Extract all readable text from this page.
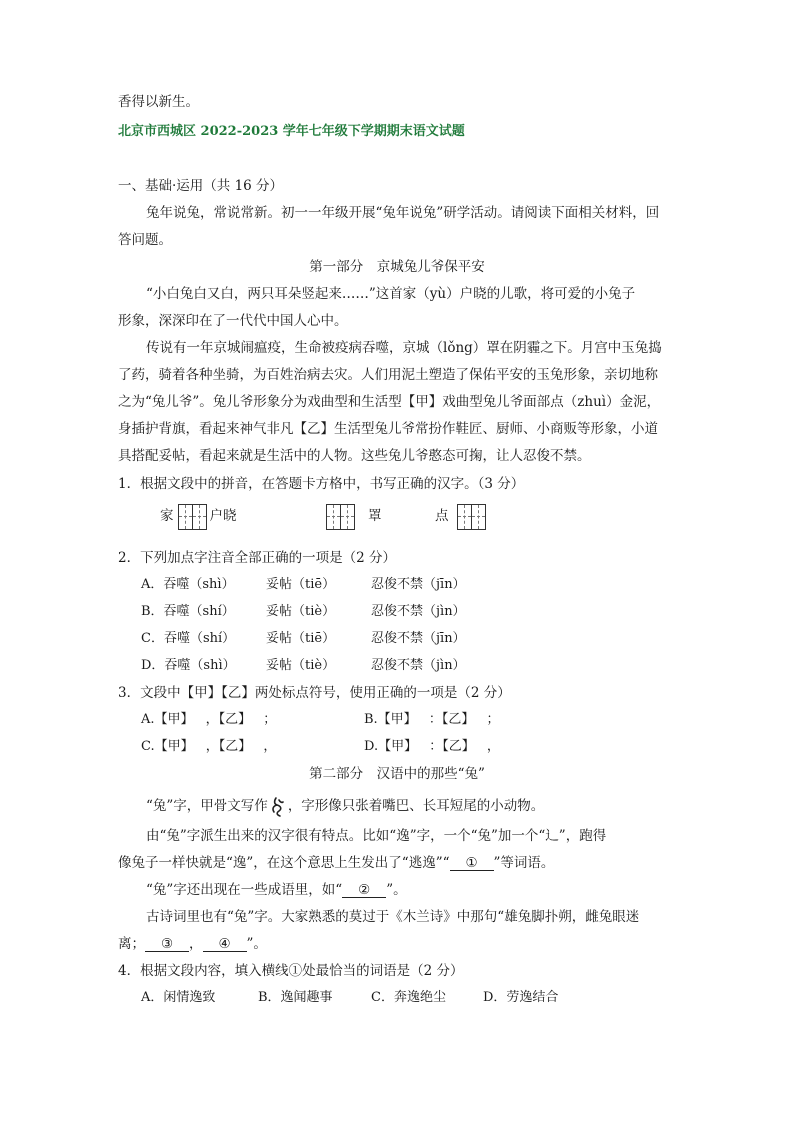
香得以新生。
北京市西城区 2022-2023 学年七年级下学期期末语文试题
一、基础·运用（共 16 分）
兔年说兔，常说常新。初一一年级开展“兔年说兔”研学活动。请阅读下面相关材料，回
答问题。
第一部分　京城兔儿爷保平安
“小白兔白又白，两只耳朵竖起来……”这首家（yù）户晓的儿歌，将可爱的小兔子
形象，深深印在了一代代中国人心中。
传说有一年京城闹瘟疫，生命被疫病吞噬，京城（lǒng）罩在阴霾之下。月宫中玉兔捣
了药，骑着各种坐骑，为百姓治病去灾。人们用泥土塑造了保佑平安的玉兔形象，亲切地称
之为“兔儿爷”。兔儿爷形象分为戏曲型和生活型【甲】戏曲型兔儿爷面部点（zhuì）金泥，
身插护背旗，看起来神气非凡【乙】生活型兔儿爷常扮作鞋匠、厨师、小商贩等形象，小道
具搭配妥帖，看起来就是生活中的人物。这些兔儿爷憨态可掬，让人忍俊不禁。
1．根据文段中的拼音，在答题卡方格中，书写正确的汉字。（3 分）
家	户晓	罩	点
2．下列加点字注音全部正确的一项是（2 分）
A．吞噬（shì） 妥帖（tiē）	忍俊不禁（jīn）
B．吞噬（shí） 妥帖（tiè）	忍俊不禁（jìn）
C．吞噬（shí） 妥帖（tiē）	忍俊不禁（jīn）
D．吞噬（shì） 妥帖（tiè）	忍俊不禁（jìn）
3．文段中【甲】【乙】两处标点符号，使用正确的一项是（2 分）
A.【甲】 ，【乙】 ；	B.【甲】 ：【乙】 ；
C.【甲】 ，【乙】 ，	D.【甲】 ：【乙】 ，
第二部分　汉语中的那些“兔”
“兔”字，甲骨文写作 ，字形像只张着嘴巴、长耳短尾的小动物。
由“兔”字派生出来的汉字很有特点。比如“逸”字，一个“兔”加一个“辶”，跑得
像兔子一样快就是“逸”，在这个意思上生发出了“逃逸”“ ① ”等词语。
“兔”字还出现在一些成语里，如“ ② ”。
古诗词里也有“兔”字。大家熟悉的莫过于《木兰诗》中那句“雄兔脚扑朔，雌兔眼迷
离； ③ ， ④ ”。
4．根据文段内容，填入横线①处最恰当的词语是（2 分）
A．闲情逸致	B．逸闻趣事	C．奔逸绝尘	D．劳逸结合
